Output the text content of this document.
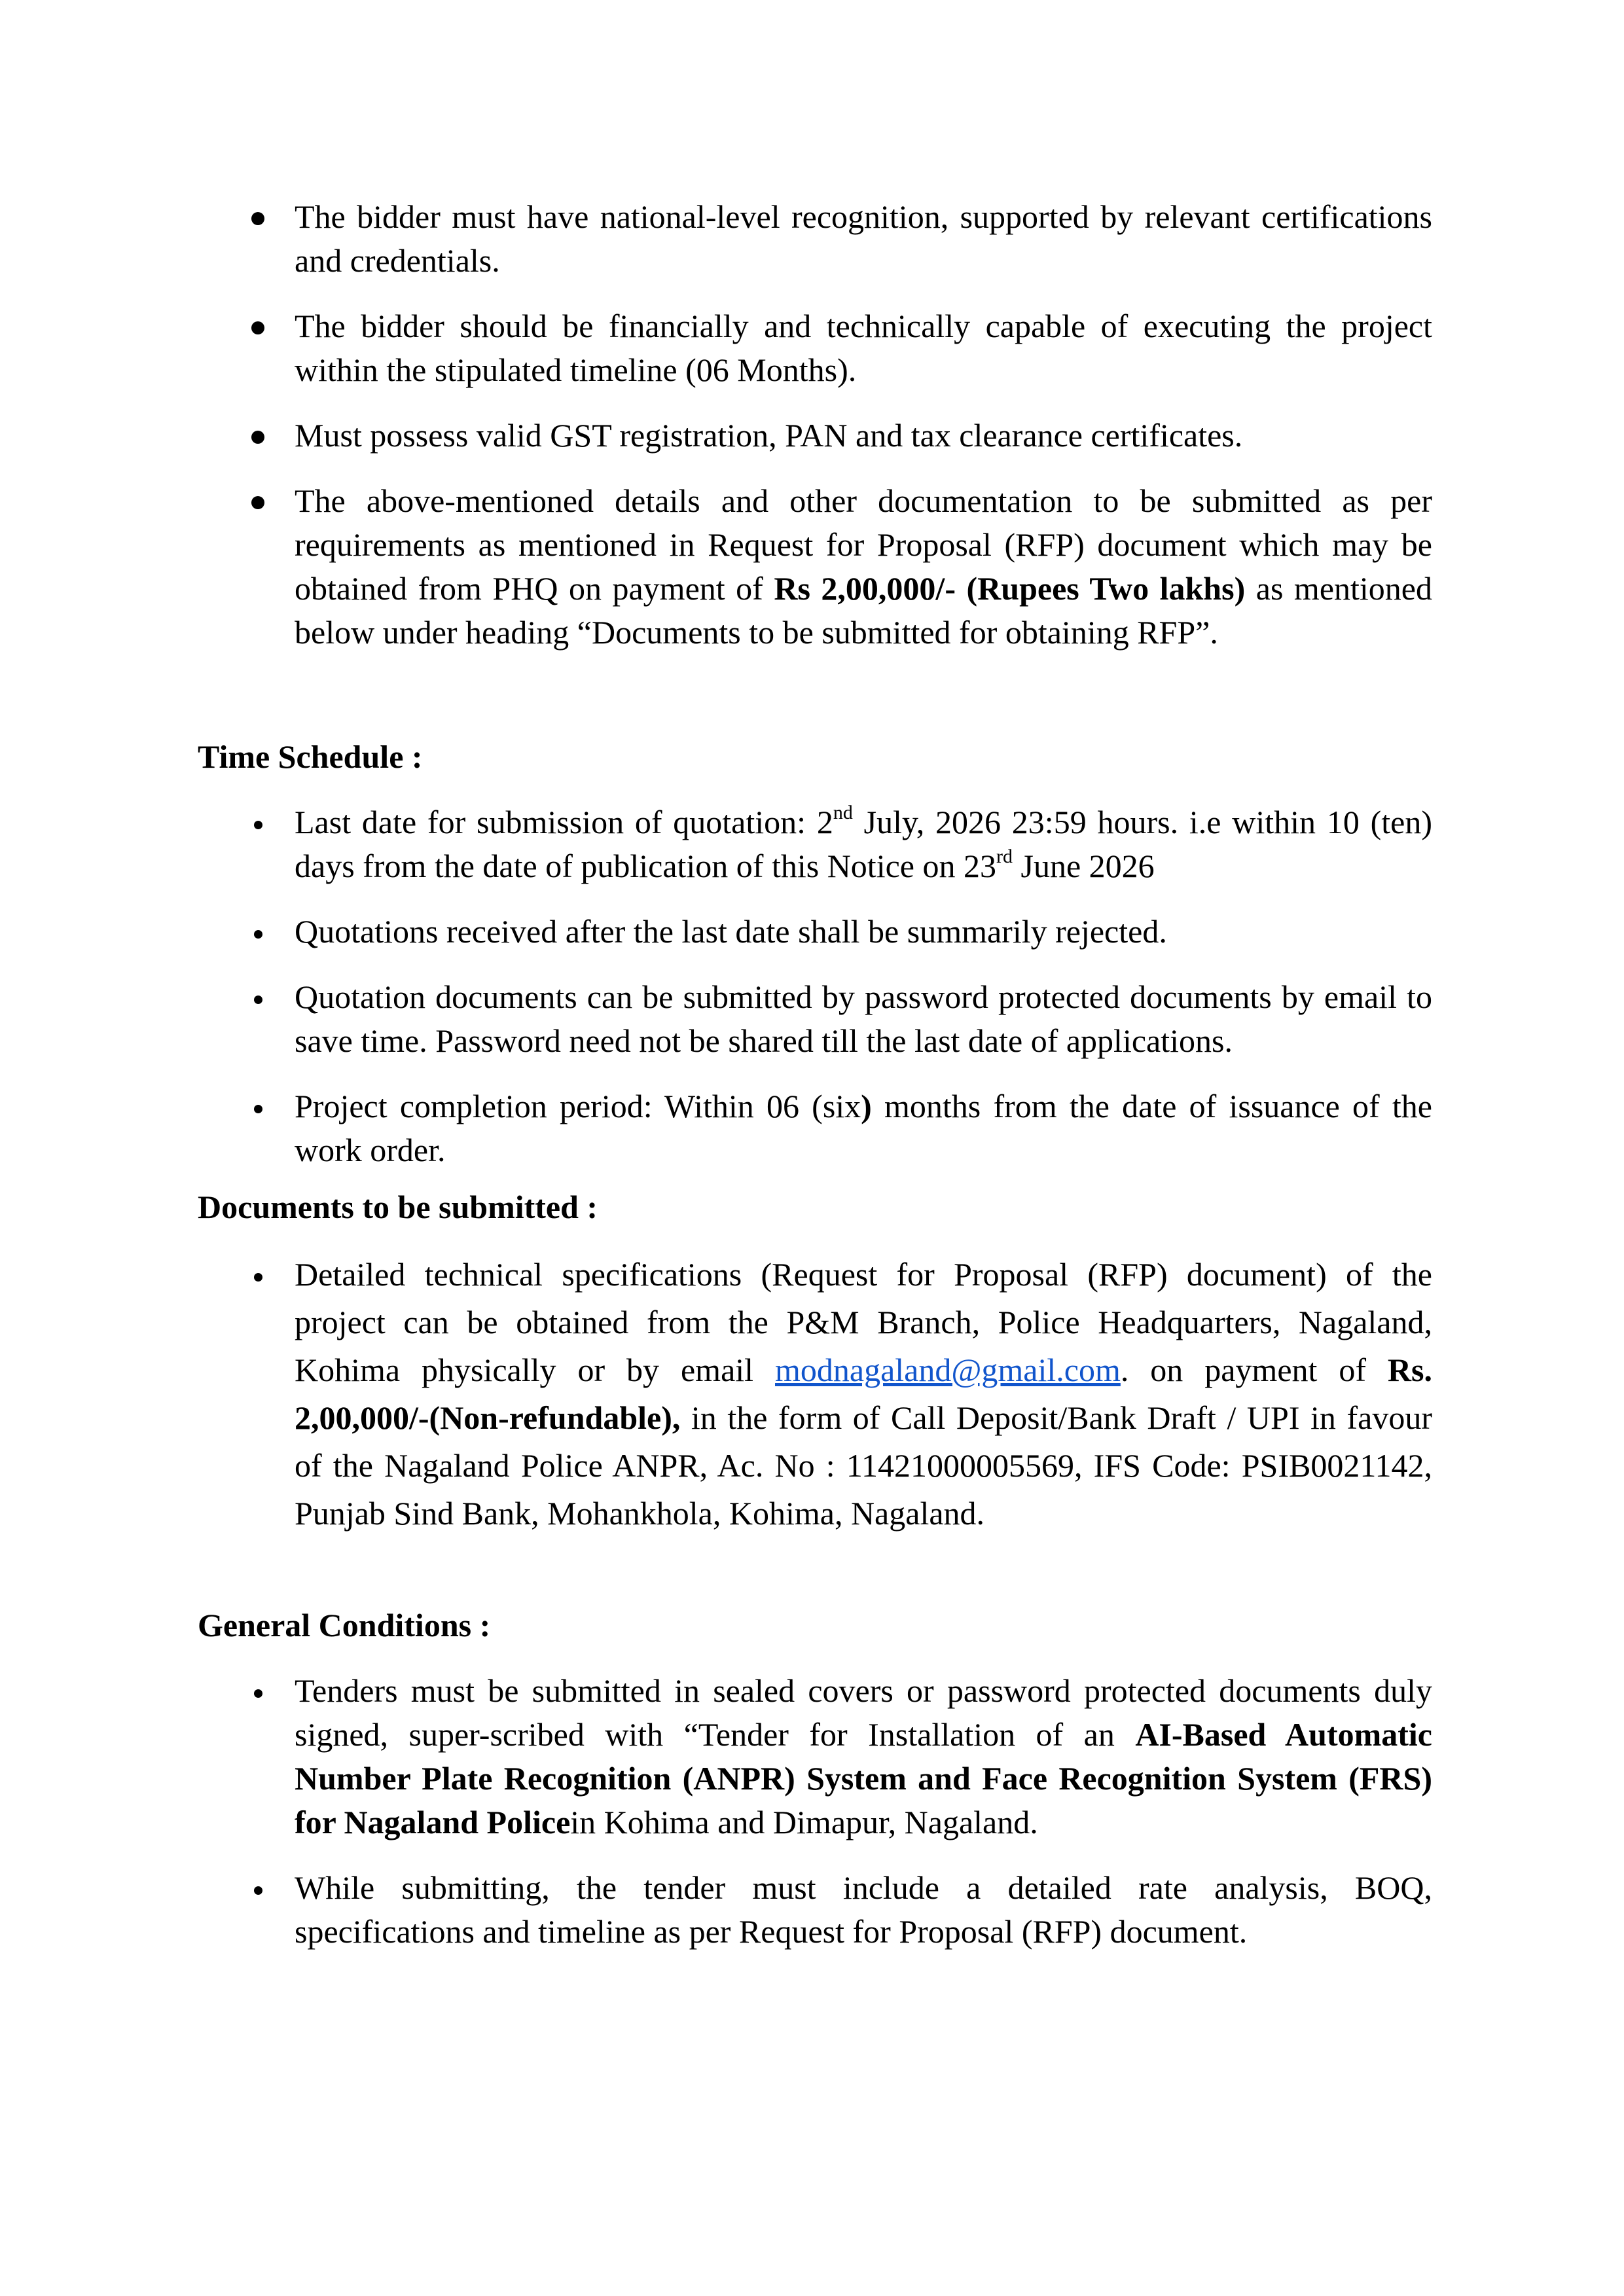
The bidder must have national-level recognition, supported by relevant certifications and credentials.
The bidder should be financially and technically capable of executing the project within the stipulated timeline (06 Months).
Must possess valid GST registration, PAN and tax clearance certificates.
The above-mentioned details and other documentation to be submitted as per requirements as mentioned in Request for Proposal (RFP) document which may be obtained from PHQ on payment of Rs 2,00,000/- (Rupees Two lakhs) as mentioned below under heading “Documents to be submitted for obtaining RFP”.
Time Schedule :
Last date for submission of quotation: 2nd July, 2026 23:59 hours. i.e within 10 (ten) days from the date of publication of this Notice on 23rd June 2026
Quotations received after the last date shall be summarily rejected.
Quotation documents can be submitted by password protected documents by email to save time. Password need not be shared till the last date of applications.
Project completion period: Within 06 (six) months from the date of issuance of the work order.
Documents to be submitted :
Detailed technical specifications (Request for Proposal (RFP) document) of the project can be obtained from the P&M Branch, Police Headquarters, Nagaland, Kohima physically or by email modnagaland@gmail.com. on payment of Rs. 2,00,000/-(Non-refundable), in the form of Call Deposit/Bank Draft / UPI in favour of the Nagaland Police ANPR, Ac. No : 11421000005569, IFS Code: PSIB0021142, Punjab Sind Bank, Mohankhola, Kohima, Nagaland.
General Conditions :
Tenders must be submitted in sealed covers or password protected documents duly signed, super-scribed with “Tender for Installation of an AI-Based Automatic Number Plate Recognition (ANPR) System and Face Recognition System (FRS) for Nagaland Policein Kohima and Dimapur, Nagaland.
While submitting, the tender must include a detailed rate analysis, BOQ, specifications and timeline as per Request for Proposal (RFP) document.
